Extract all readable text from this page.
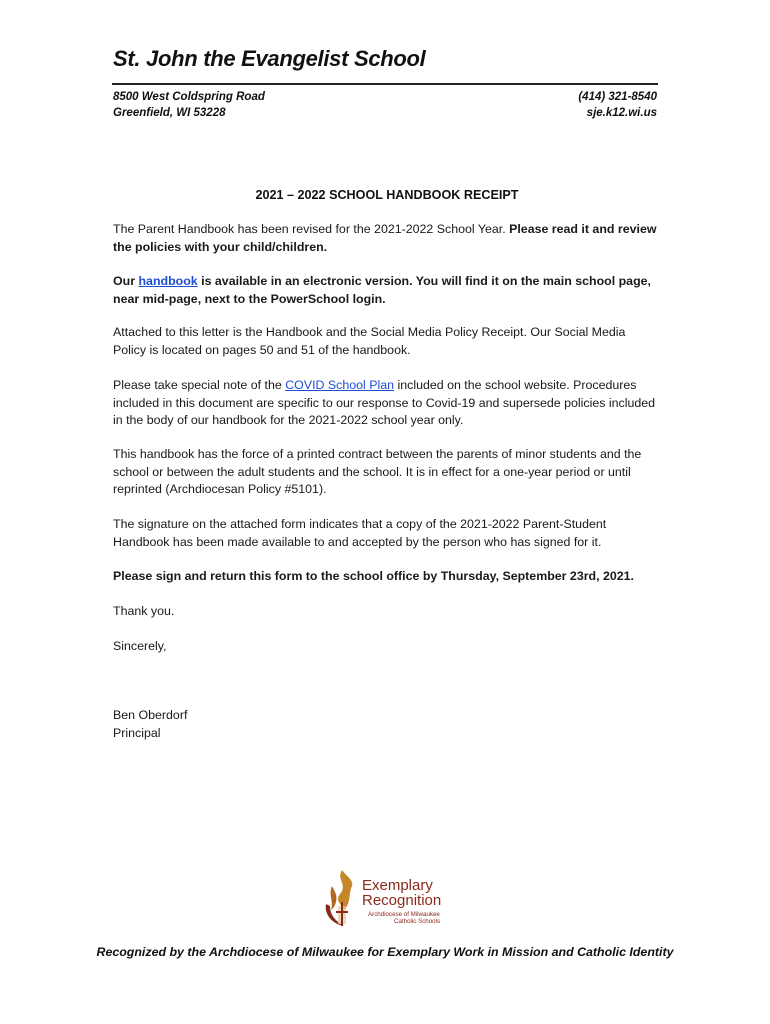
St. John the Evangelist School
8500 West Coldspring Road
Greenfield, WI 53228
(414) 321-8540
sje.k12.wi.us
2021 – 2022 SCHOOL HANDBOOK RECEIPT

The Parent Handbook has been revised for the 2021-2022 School Year. Please read it and review the policies with your child/children.

Our handbook is available in an electronic version. You will find it on the main school page, near mid-page, next to the PowerSchool login.

Attached to this letter is the Handbook and the Social Media Policy Receipt. Our Social Media Policy is located on pages 50 and 51 of the handbook.

Please take special note of the COVID School Plan included on the school website. Procedures included in this document are specific to our response to Covid-19 and supersede policies included in the body of our handbook for the 2021-2022 school year only.

This handbook has the force of a printed contract between the parents of minor students and the school or between the adult students and the school. It is in effect for a one-year period or until reprinted (Archdiocesan Policy #5101).

The signature on the attached form indicates that a copy of the 2021-2022 Parent-Student Handbook has been made available to and accepted by the person who has signed for it.

Please sign and return this form to the school office by Thursday, September 23rd, 2021.

Thank you.

Sincerely,

Ben Oberdorf
Principal

Exemplary
Recognition
Archdiocese of Milwaukee
Catholic Schools
Recognized by the Archdiocese of Milwaukee for Exemplary Work in Mission and Catholic Identity
